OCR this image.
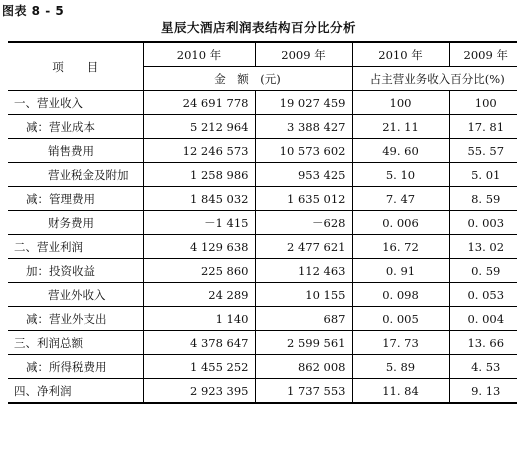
图表 8 - 5
星辰大酒店利润表结构百分比分析
项　　目	2010 年	2009 年	2010 年	2009 年
	金　额　(元)		占主营业务收入百分比(%)	
一、营业收入	24 691 778	19 027 459	100	100
减：营业成本	5 212 964	3 388 427	21. 11	17. 81
销售费用	12 246 573	10 573 602	49. 60	55. 57
营业税金及附加	1 258 986	953 425	5. 10	5. 01
减：管理费用	1 845 032	1 635 012	7. 47	8. 59
财务费用	－1 415	－628	0. 006	0. 003
二、营业利润	4 129 638	2 477 621	16. 72	13. 02
加：投资收益	225 860	112 463	0. 91	0. 59
营业外收入	24 289	10 155	0. 098	0. 053
减：营业外支出	1 140	687	0. 005	0. 004
三、利润总额	4 378 647	2 599 561	17. 73	13. 66
减：所得税费用	1 455 252	862 008	5. 89	4. 53
四、净利润	2 923 395	1 737 553	11. 84	9. 13
